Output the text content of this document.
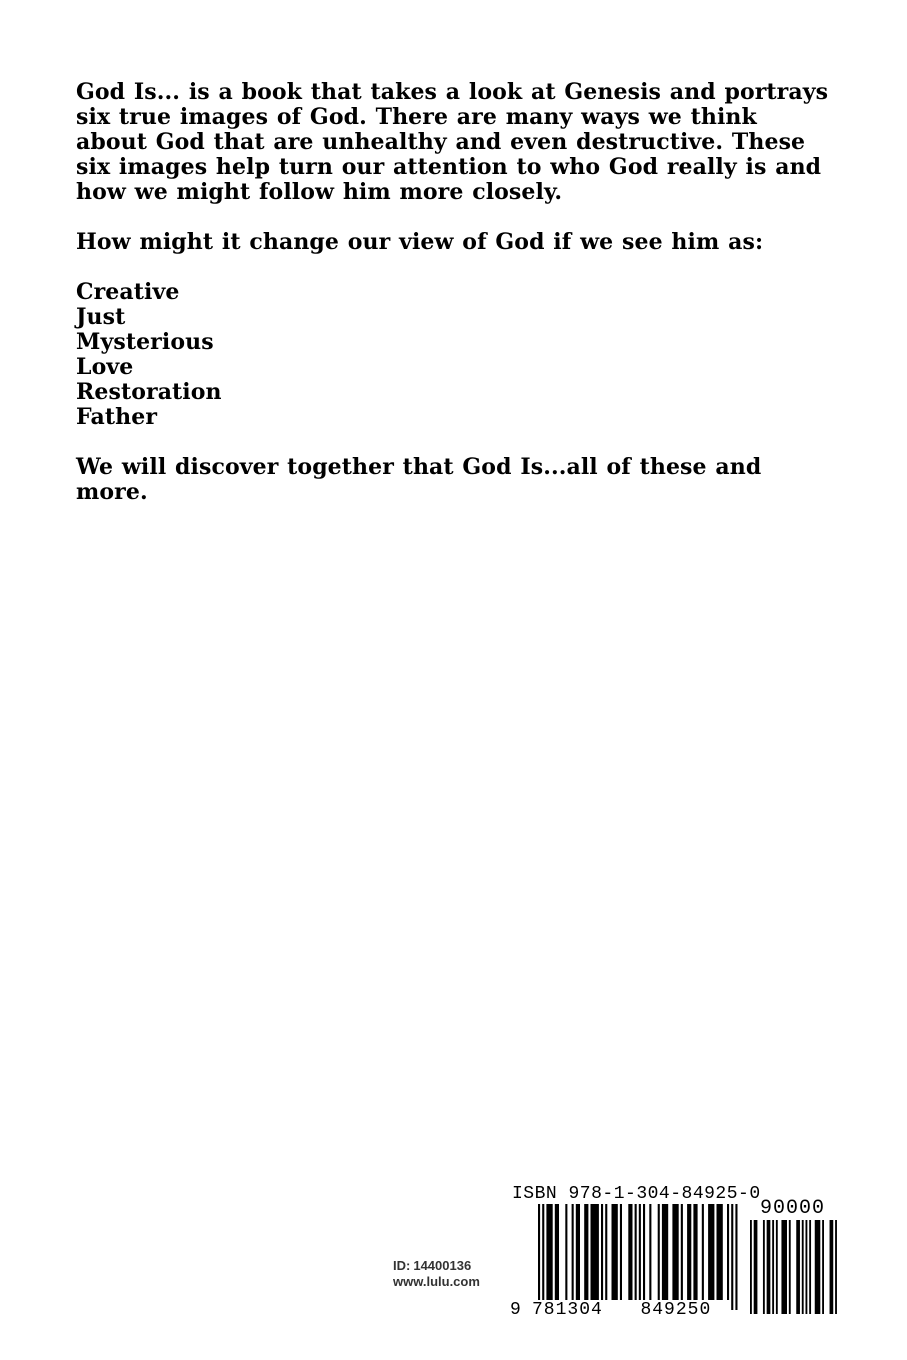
God Is... is a book that takes a look at Genesis and portrays six true images of God. There are many ways we think about God that are unhealthy and even destructive. These six images help turn our attention to who God really is and how we might follow him more closely.

How might it change our view of God if we see him as:

Creative
Just
Mysterious
Love
Restoration
Father

We will discover together that God Is...all of these and more.

ID: 14400136
www.lulu.com
ISBN 978-1-304-84925-0
90000
9 781304 849250
